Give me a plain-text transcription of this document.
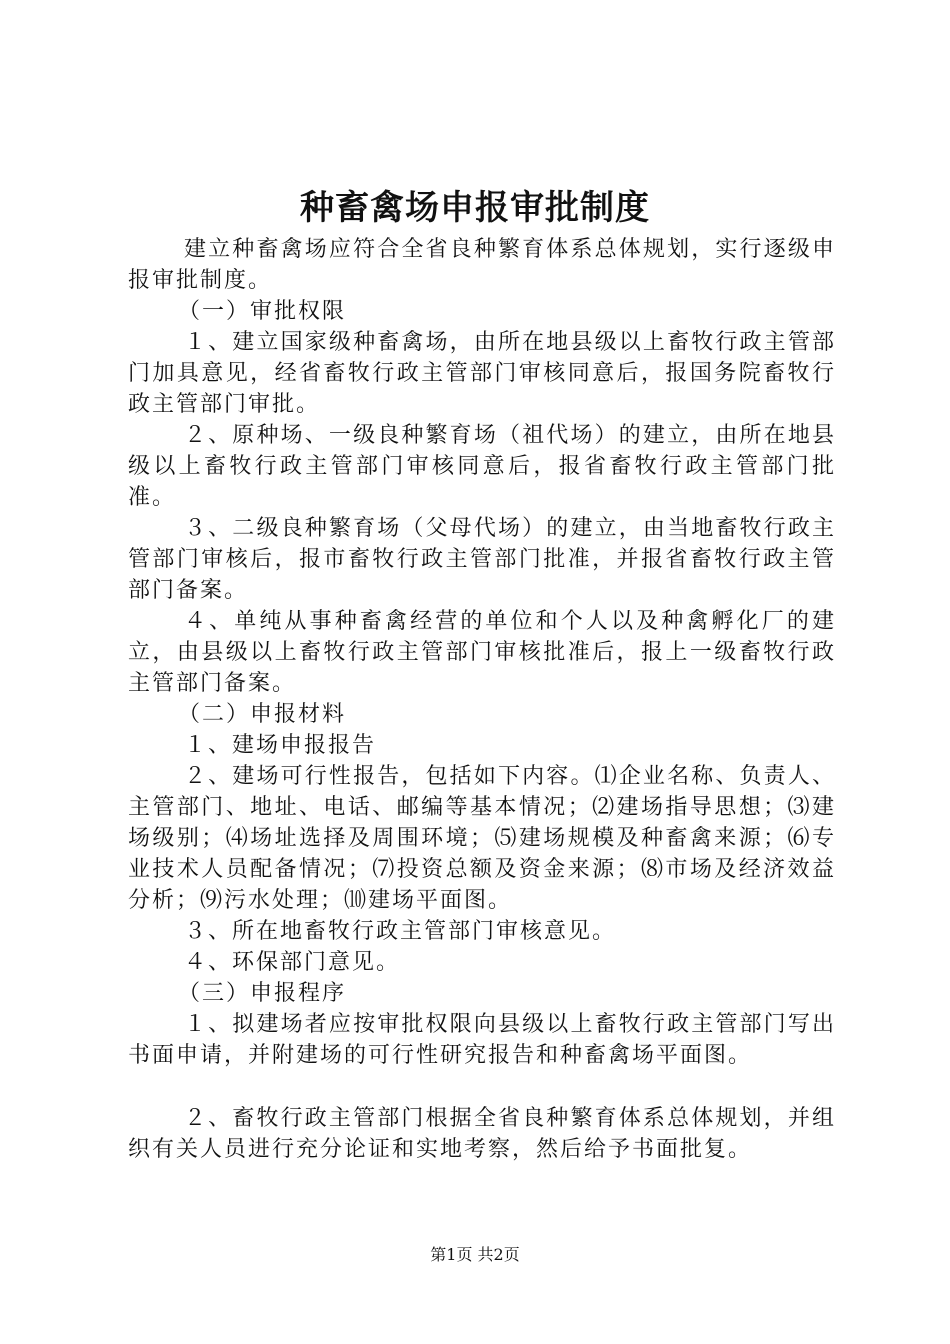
种畜禽场申报审批制度

建立种畜禽场应符合全省良种繁育体系总体规划，实行逐级申报审批制度。

（一）审批权限

１、建立国家级种畜禽场，由所在地县级以上畜牧行政主管部门加具意见，经省畜牧行政主管部门审核同意后，报国务院畜牧行政主管部门审批。

２、原种场、一级良种繁育场（祖代场）的建立，由所在地县级以上畜牧行政主管部门审核同意后，报省畜牧行政主管部门批准。

３、二级良种繁育场（父母代场）的建立，由当地畜牧行政主管部门审核后，报市畜牧行政主管部门批准，并报省畜牧行政主管部门备案。

４、单纯从事种畜禽经营的单位和个人以及种禽孵化厂的建立，由县级以上畜牧行政主管部门审核批准后，报上一级畜牧行政主管部门备案。

（二）申报材料

１、建场申报报告

２、建场可行性报告，包括如下内容。⑴企业名称、负责人、主管部门、地址、电话、邮编等基本情况；⑵建场指导思想；⑶建场级别；⑷场址选择及周围环境；⑸建场规模及种畜禽来源；⑹专业技术人员配备情况；⑺投资总额及资金来源；⑻市场及经济效益分析；⑼污水处理；⑽建场平面图。

３、所在地畜牧行政主管部门审核意见。

４、环保部门意见。

（三）申报程序

１、拟建场者应按审批权限向县级以上畜牧行政主管部门写出书面申请，并附建场的可行性研究报告和种畜禽场平面图。

２、畜牧行政主管部门根据全省良种繁育体系总体规划，并组织有关人员进行充分论证和实地考察，然后给予书面批复。

第1页 共2页
